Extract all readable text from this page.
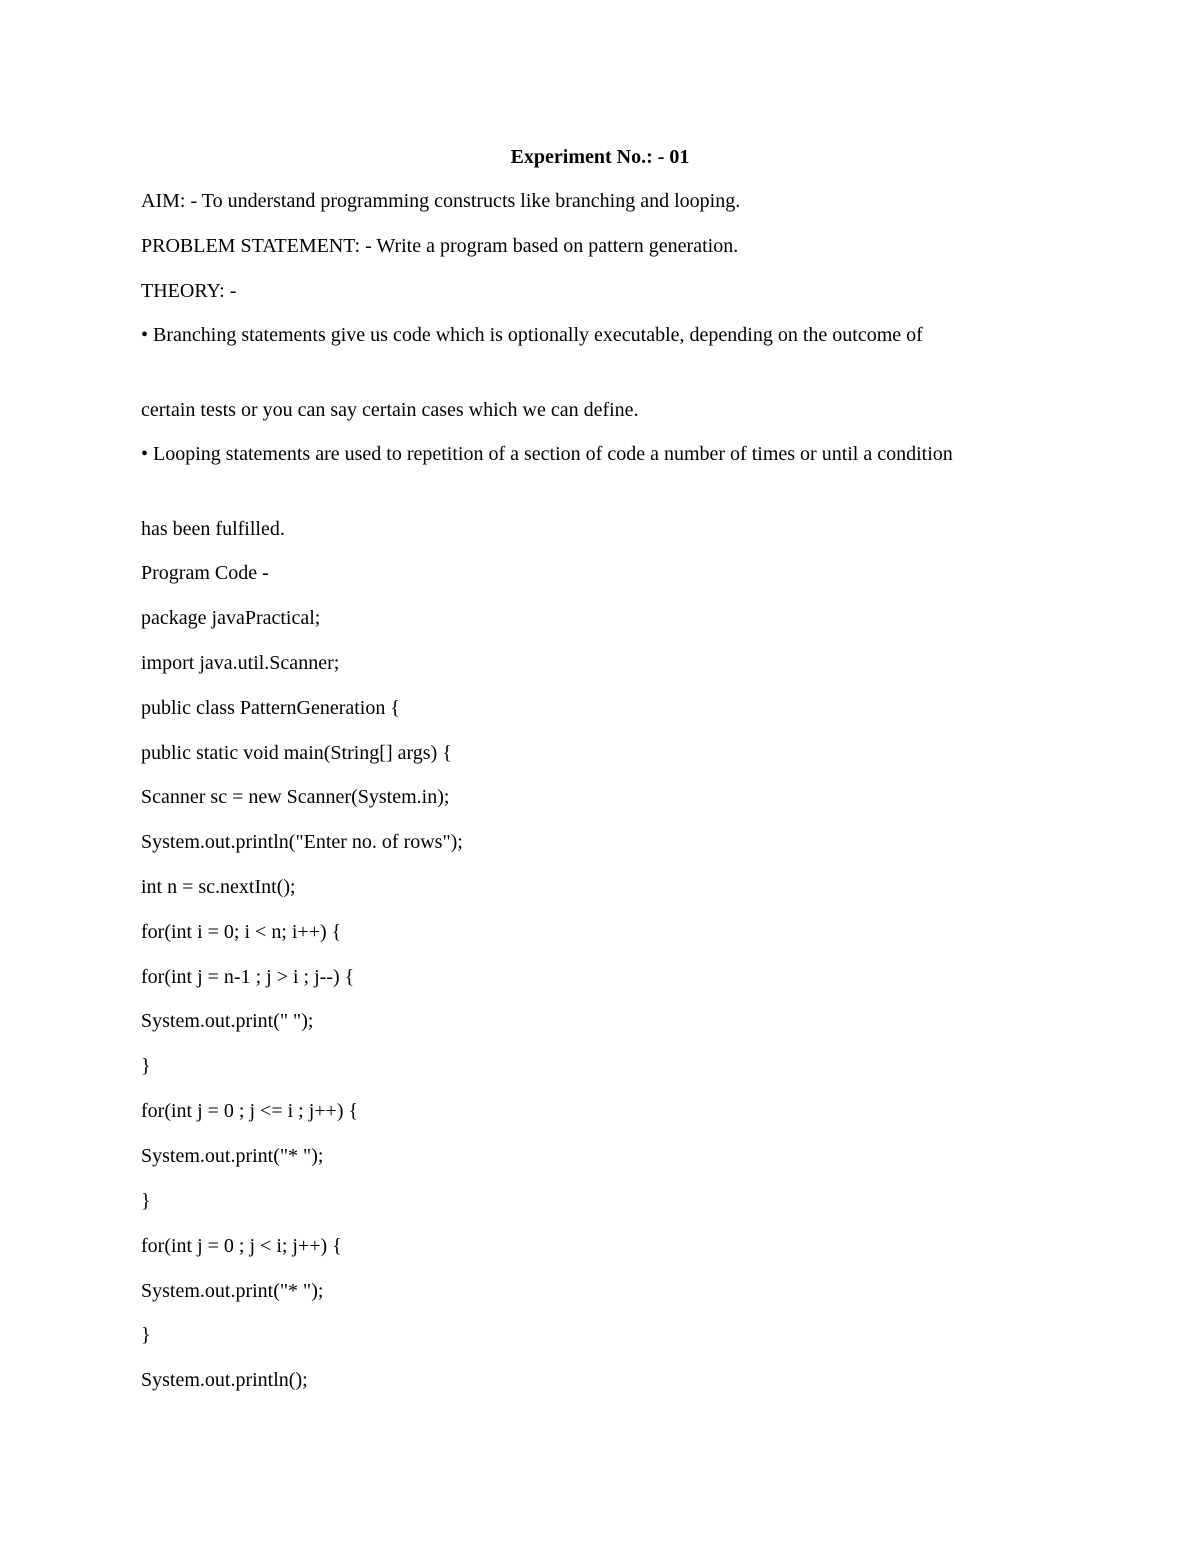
Experiment No.: - 01

AIM: - To understand programming constructs like branching and looping.

PROBLEM STATEMENT: - Write a program based on pattern generation.

THEORY: -

• Branching statements give us code which is optionally executable, depending on the outcome of

certain tests or you can say certain cases which we can define.

• Looping statements are used to repetition of a section of code a number of times or until a condition

has been fulfilled.

Program Code -

package javaPractical;

import java.util.Scanner;

public class PatternGeneration {

public static void main(String[] args) {

Scanner sc = new Scanner(System.in);

System.out.println("Enter no. of rows");

int n = sc.nextInt();

for(int i = 0; i < n; i++) {

for(int j = n-1 ; j > i ; j--) {

System.out.print(" ");

}

for(int j = 0 ; j <= i ; j++) {

System.out.print("* ");

}

for(int j = 0 ; j < i; j++) {

System.out.print("* ");

}

System.out.println();
